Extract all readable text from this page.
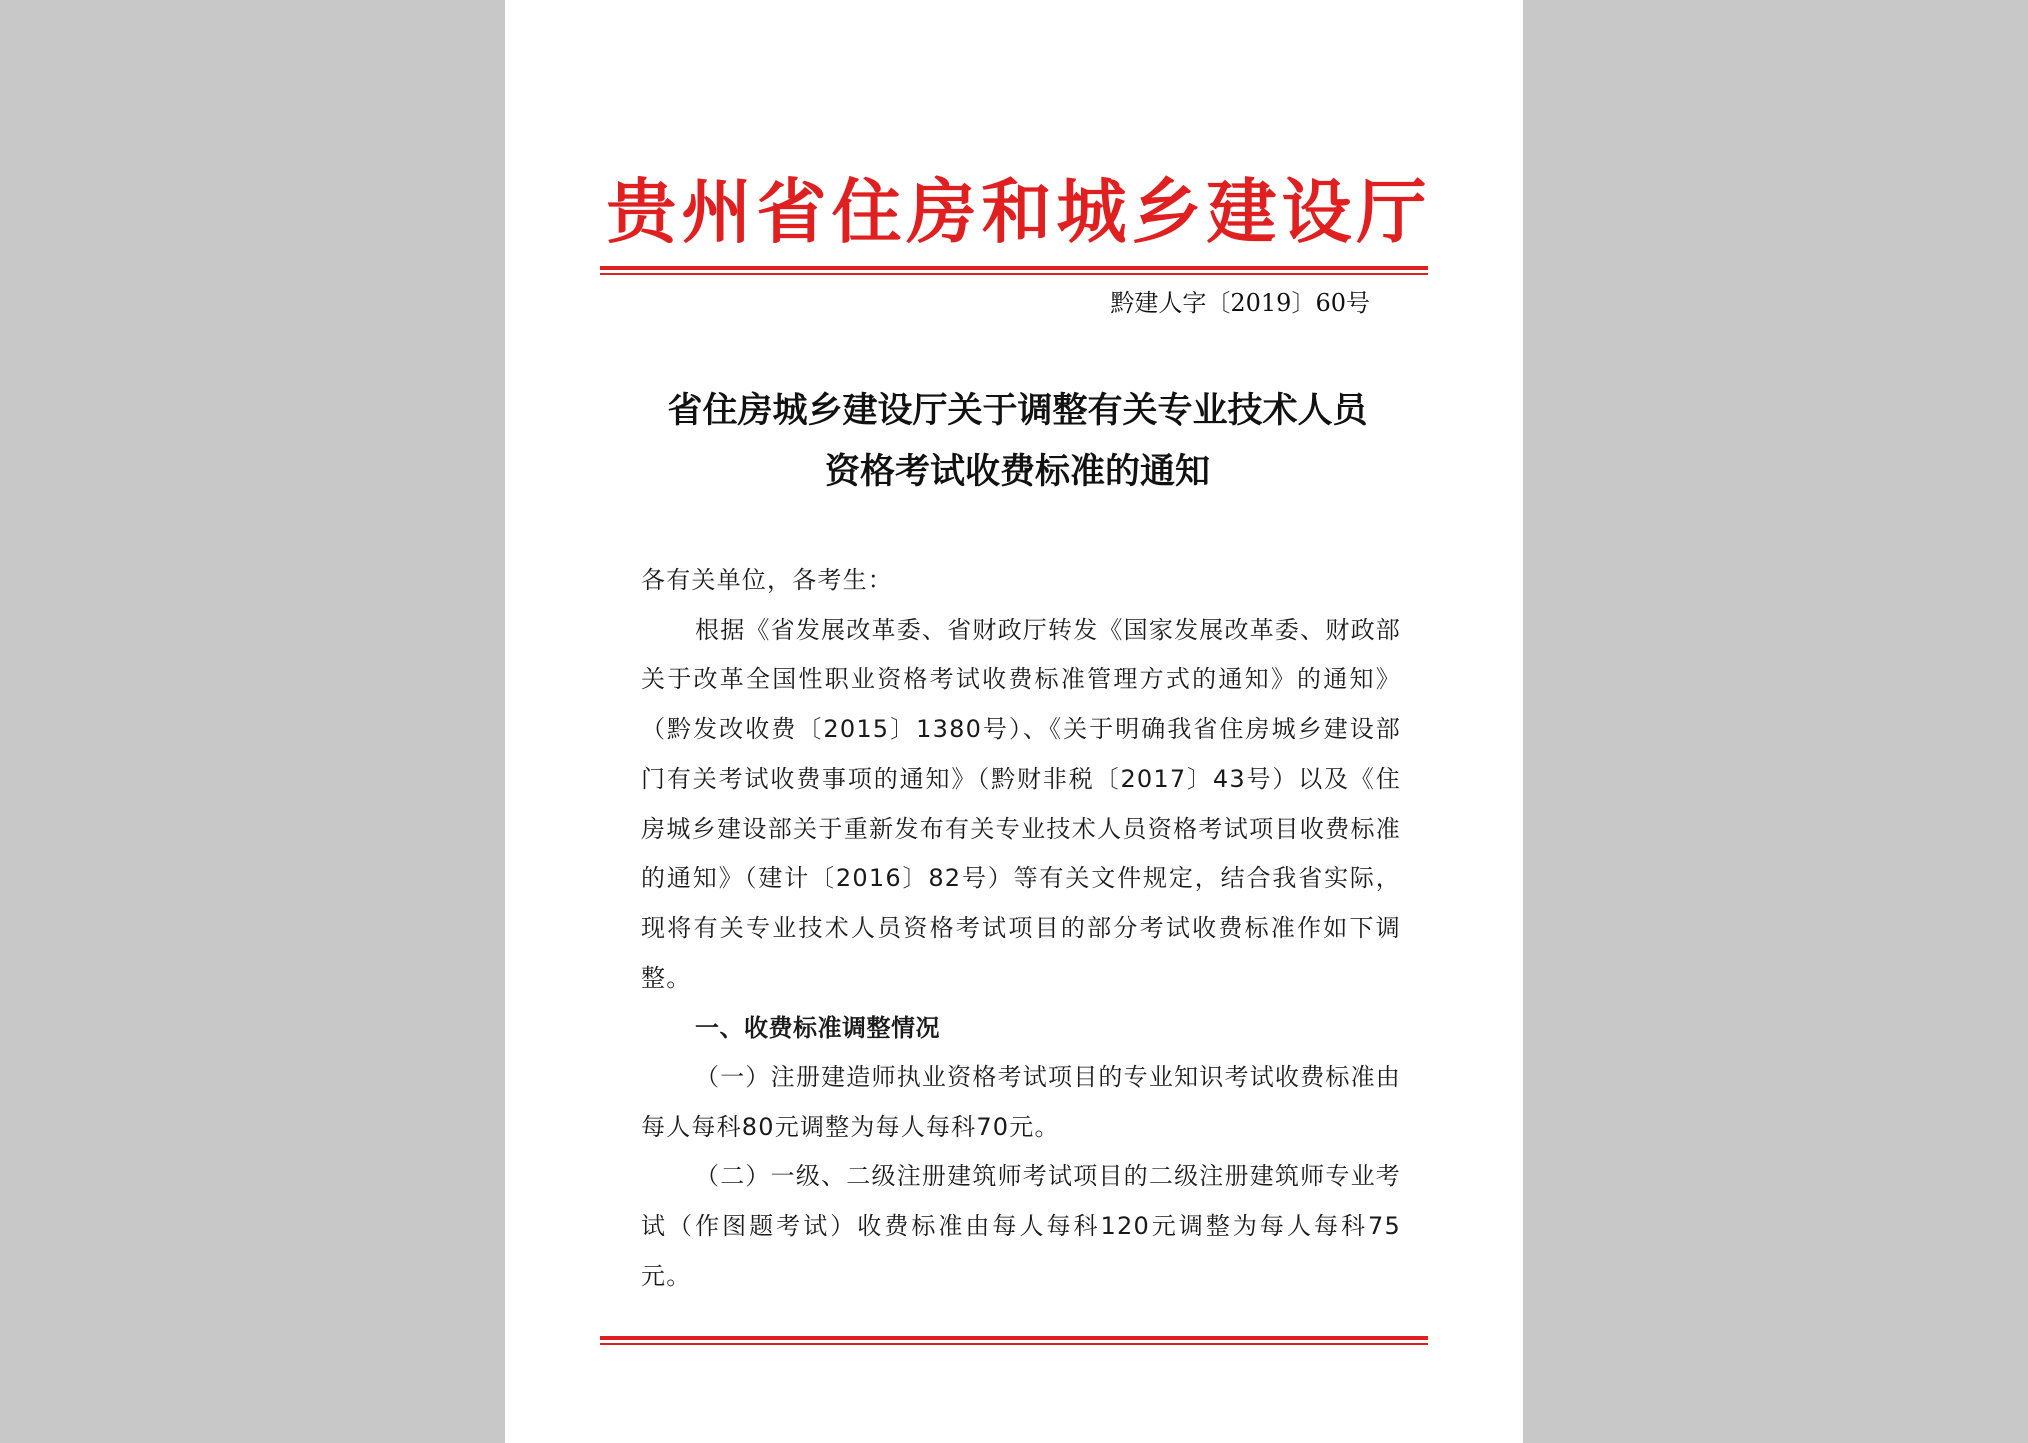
贵州省住房和城乡建设厅
黔建人字〔2019〕60号
省住房城乡建设厅关于调整有关专业技术人员
资格考试收费标准的通知

各有关单位，各考生：

根据《省发展改革委、省财政厅转发《国家发展改革委、财政部关于改革全国性职业资格考试收费标准管理方式的通知》的通知》（黔发改收费〔2015〕1380号）、《关于明确我省住房城乡建设部门有关考试收费事项的通知》（黔财非税〔2017〕43号）以及《住房城乡建设部关于重新发布有关专业技术人员资格考试项目收费标准的通知》（建计〔2016〕82号）等有关文件规定，结合我省实际，现将有关专业技术人员资格考试项目的部分考试收费标准作如下调整。

一、收费标准调整情况

（一）注册建造师执业资格考试项目的专业知识考试收费标准由每人每科80元调整为每人每科70元。

（二）一级、二级注册建筑师考试项目的二级注册建筑师专业考试（作图题考试）收费标准由每人每科120元调整为每人每科75元。
